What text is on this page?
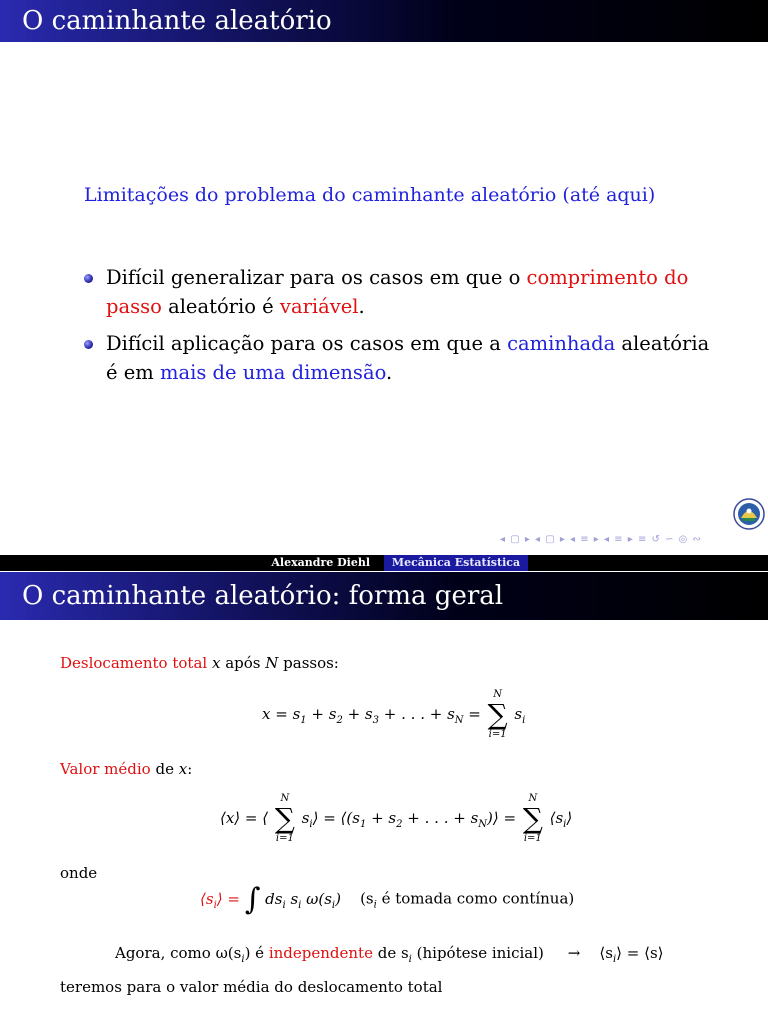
O caminhante aleatório
Limitações do problema do caminhante aleatório (até aqui)
Difícil generalizar para os casos em que o comprimento do passo aleatório é variável.
Difícil aplicação para os casos em que a caminhada aleatória é em mais de uma dimensão.
◂ ▢ ▸ ◂ ▢ ▸ ◂ ≡ ▸ ◂ ≡ ▸ ≡ ↺ ∽ ◎ ∾
Alexandre Diehl	Mecânica Estatística
O caminhante aleatório: forma geral
Deslocamento total x após N passos:
$x = s_1 + s_2 + s_3$ + . . . + $s_N$ =
N
∑
i=1
$s_i$
Valor médio de x:
⟨x⟩ = ⟨
N
∑
i=1
$s_i⟩$ = $⟨(s_1 + s_2$ + . . . + $s_N)⟩$ =
N
∑
i=1
$⟨s_i⟩$
onde
$⟨s_i⟩$ = ∫ $ds_i$ $s_i$ $\omega(s_i)$ ($s_i$ é tomada como contínua)
Agora, como $\omega(s_i)$ é independente de $s_i$ (hipótese inicial) → $⟨s_i⟩$ = ⟨s⟩
teremos para o valor média do deslocamento total
